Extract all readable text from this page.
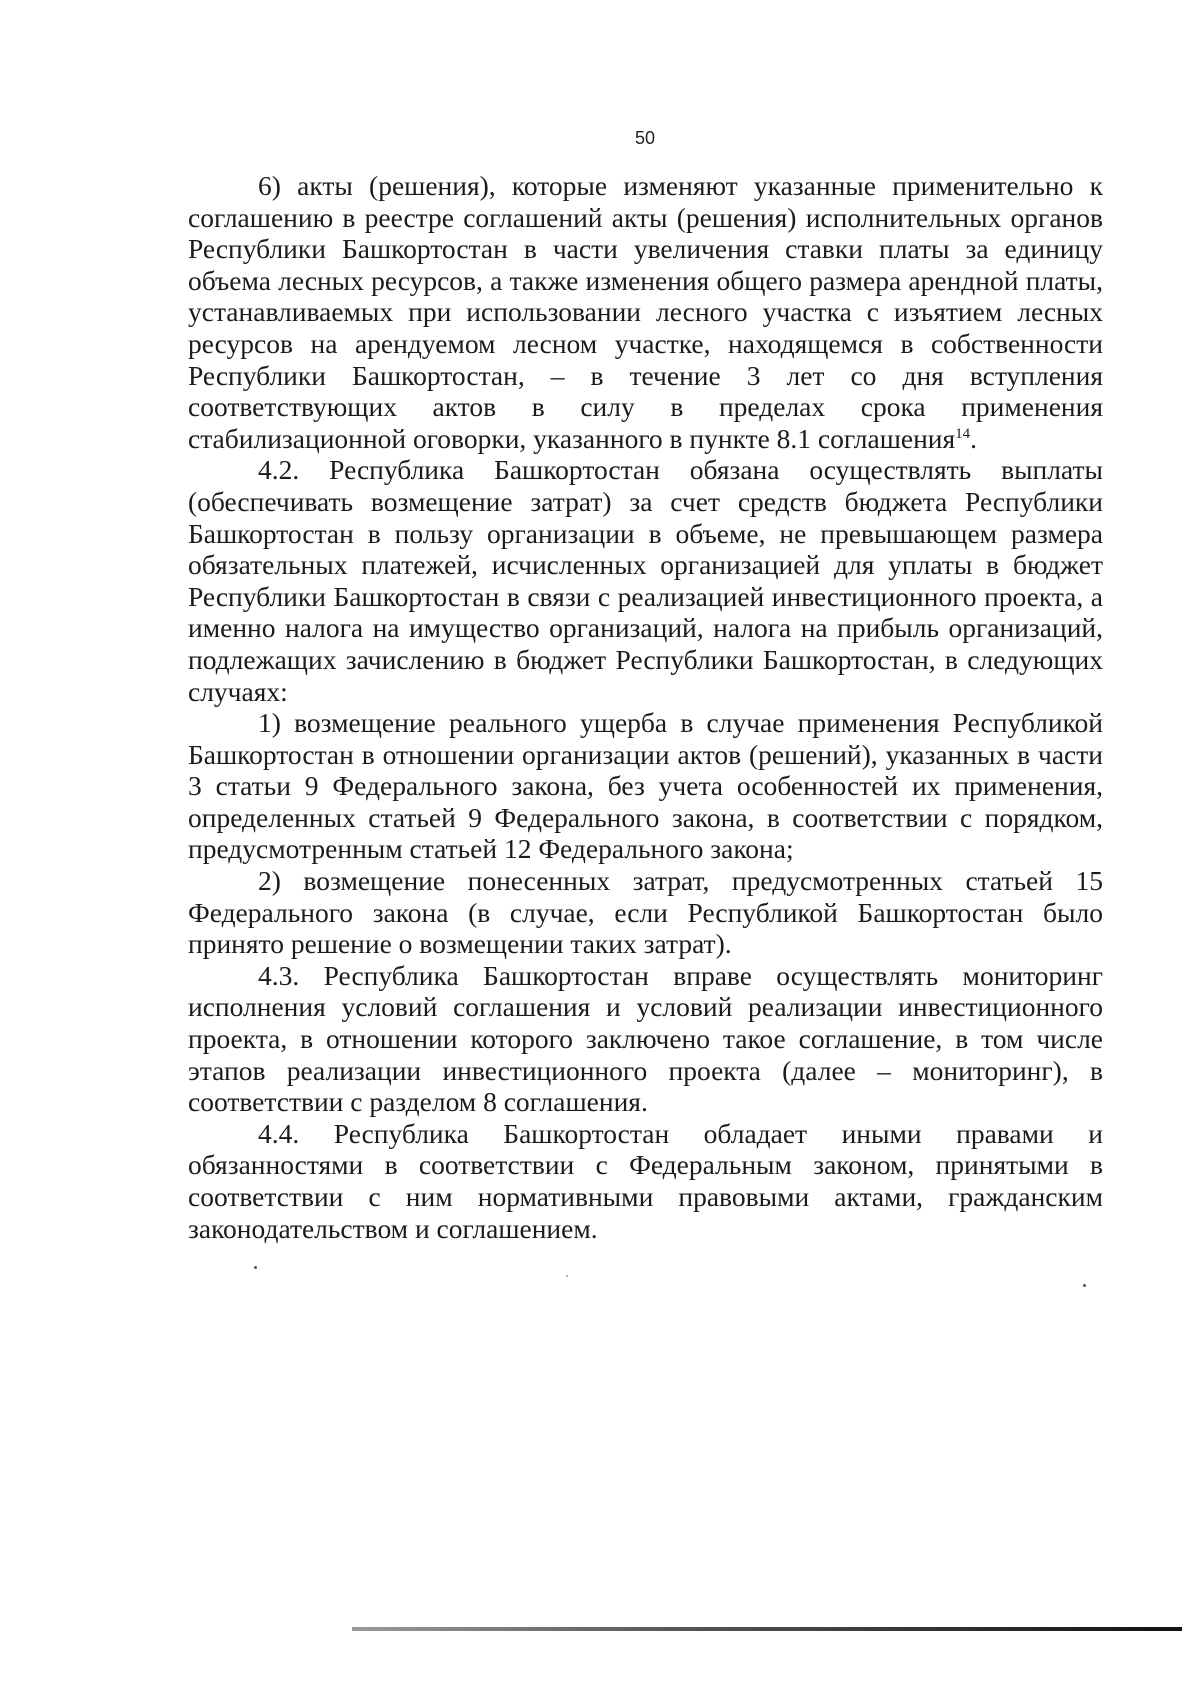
50

6) акты (решения), которые изменяют указанные применительно к соглашению в реестре соглашений акты (решения) исполнительных органов Республики Башкортостан в части увеличения ставки платы за единицу объема лесных ресурсов, а также изменения общего размера арендной платы, устанавливаемых при использовании лесного участка с изъятием лесных ресурсов на арендуемом лесном участке, находящемся в собственности Республики Башкортостан, – в течение 3 лет со дня вступления соответствующих актов в силу в пределах срока применения стабилизационной оговорки, указанного в пункте 8.1 соглашения$^{14}$.

4.2. Республика Башкортостан обязана осуществлять выплаты (обеспечивать возмещение затрат) за счет средств бюджета Республики Башкортостан в пользу организации в объеме, не превышающем размера обязательных платежей, исчисленных организацией для уплаты в бюджет Республики Башкортостан в связи с реализацией инвестиционного проекта, а именно налога на имущество организаций, налога на прибыль организаций, подлежащих зачислению в бюджет Республики Башкортостан, в следующих случаях:

1) возмещение реального ущерба в случае применения Республикой Башкортостан в отношении организации актов (решений), указанных в части 3 статьи 9 Федерального закона, без учета особенностей их применения, определенных статьей 9 Федерального закона, в соответствии с порядком, предусмотренным статьей 12 Федерального закона;

2) возмещение понесенных затрат, предусмотренных статьей 15 Федерального закона (в случае, если Республикой Башкортостан было принято решение о возмещении таких затрат).

4.3. Республика Башкортостан вправе осуществлять мониторинг исполнения условий соглашения и условий реализации инвестиционного проекта, в отношении которого заключено такое соглашение, в том числе этапов реализации инвестиционного проекта (далее – мониторинг), в соответствии с разделом 8 соглашения.

4.4. Республика Башкортостан обладает иными правами и обязанностями в соответствии с Федеральным законом, принятыми в соответствии с ним нормативными правовыми актами, гражданским законодательством и соглашением.
